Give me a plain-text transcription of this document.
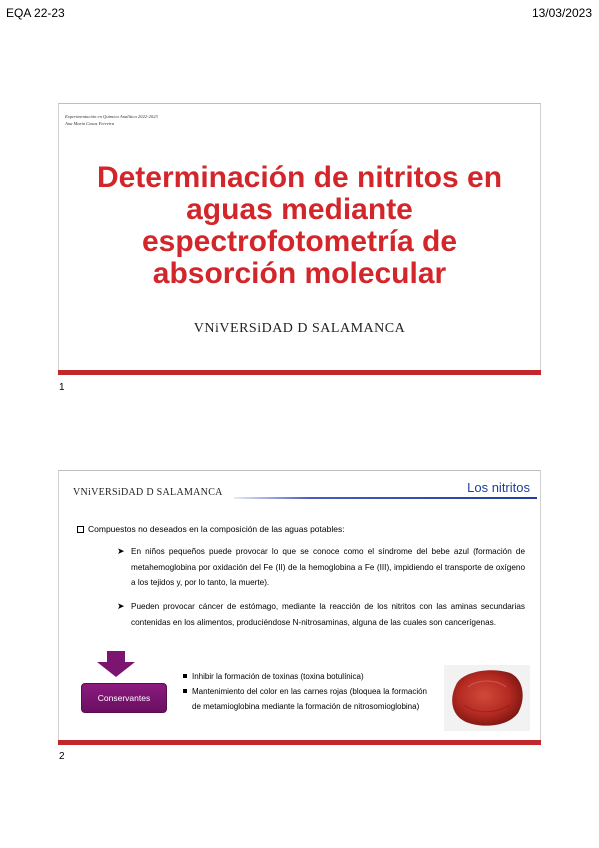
EQA 22-23	13/03/2023
Experimentación en Química Analítica 2022-2023
Ana María Casas Ferreira
Determinación de nitritos en
aguas mediante
espectrofotometría de
absorción molecular
VNiVERSiDAD D SALAMANCA
1
VNiVERSiDAD D SALAMANCA	Los nitritos
Compuestos no deseados en la composición de las aguas potables:
➤ En niños pequeños puede provocar lo que se conoce como el síndrome del bebe azul (formación de metahemoglobina por oxidación del Fe (II) de la hemoglobina a Fe (III), impidiendo el transporte de oxígeno a los tejidos y, por lo tanto, la muerte).
➤ Pueden provocar cáncer de estómago, mediante la reacción de los nitritos con las aminas secundarias contenidas en los alimentos, produciéndose N-nitrosaminas, alguna de las cuales son cancerígenas.
Conservantes
Inhibir la formación de toxinas (toxina botulínica)
Mantenimiento del color en las carnes rojas (bloquea la formación de metamioglobina mediante la formación de nitrosomioglobina)
2
